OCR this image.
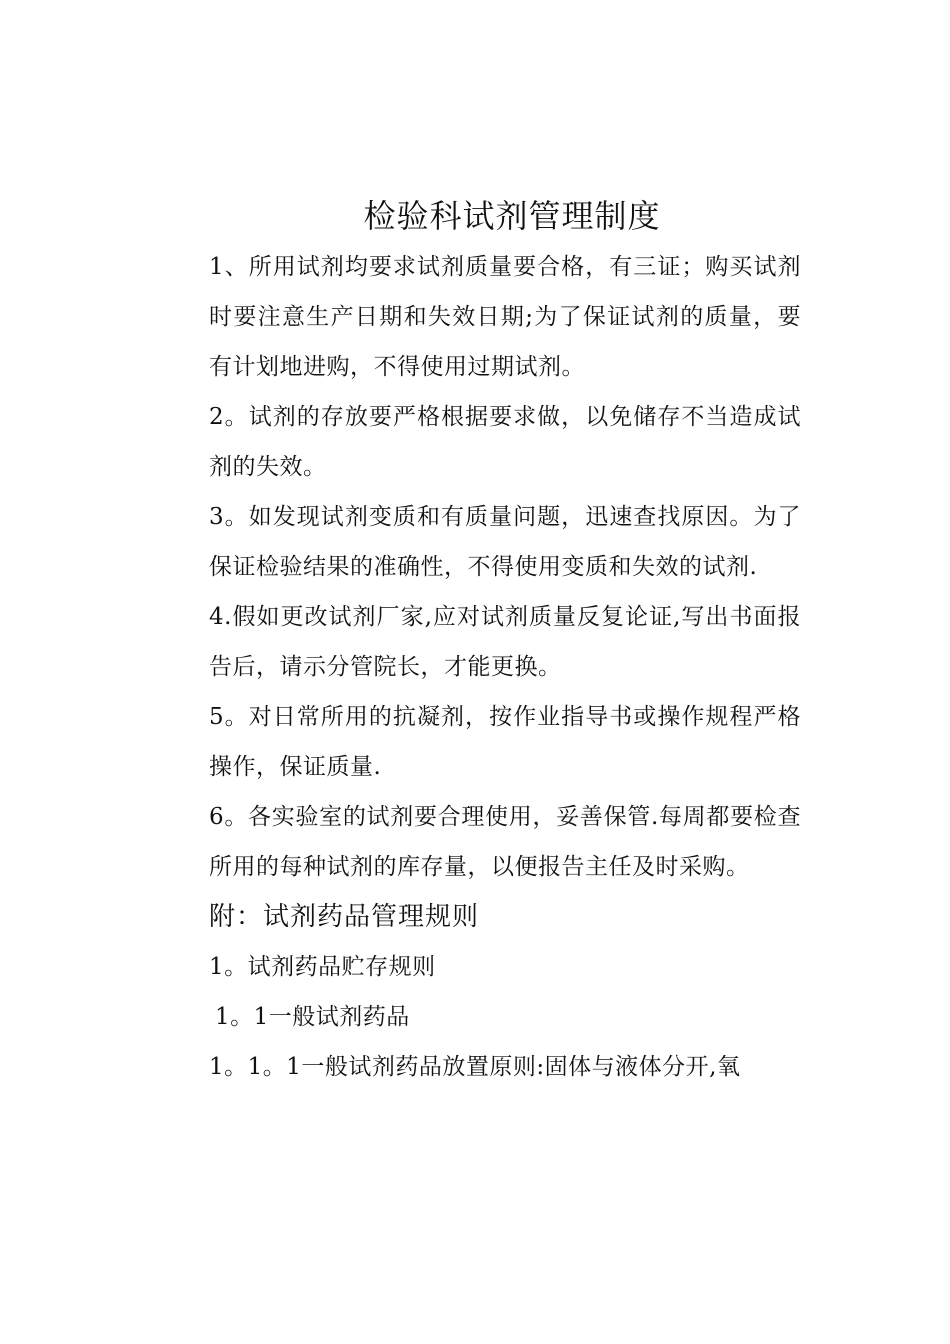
检验科试剂管理制度

1、所用试剂均要求试剂质量要合格，有三证；购买试剂时要注意生产日期和失效日期;为了保证试剂的质量，要有计划地进购，不得使用过期试剂。

2。试剂的存放要严格根据要求做，以免储存不当造成试剂的失效。

3。如发现试剂变质和有质量问题，迅速查找原因。为了保证检验结果的准确性，不得使用变质和失效的试剂.

4.假如更改试剂厂家,应对试剂质量反复论证,写出书面报告后，请示分管院长，才能更换。

5。对日常所用的抗凝剂，按作业指导书或操作规程严格操作，保证质量.

6。各实验室的试剂要合理使用，妥善保管.每周都要检查所用的每种试剂的库存量，以便报告主任及时采购。

附：试剂药品管理规则

1。试剂药品贮存规则

1。1一般试剂药品

1。1。1一般试剂药品放置原则:固体与液体分开,氧
